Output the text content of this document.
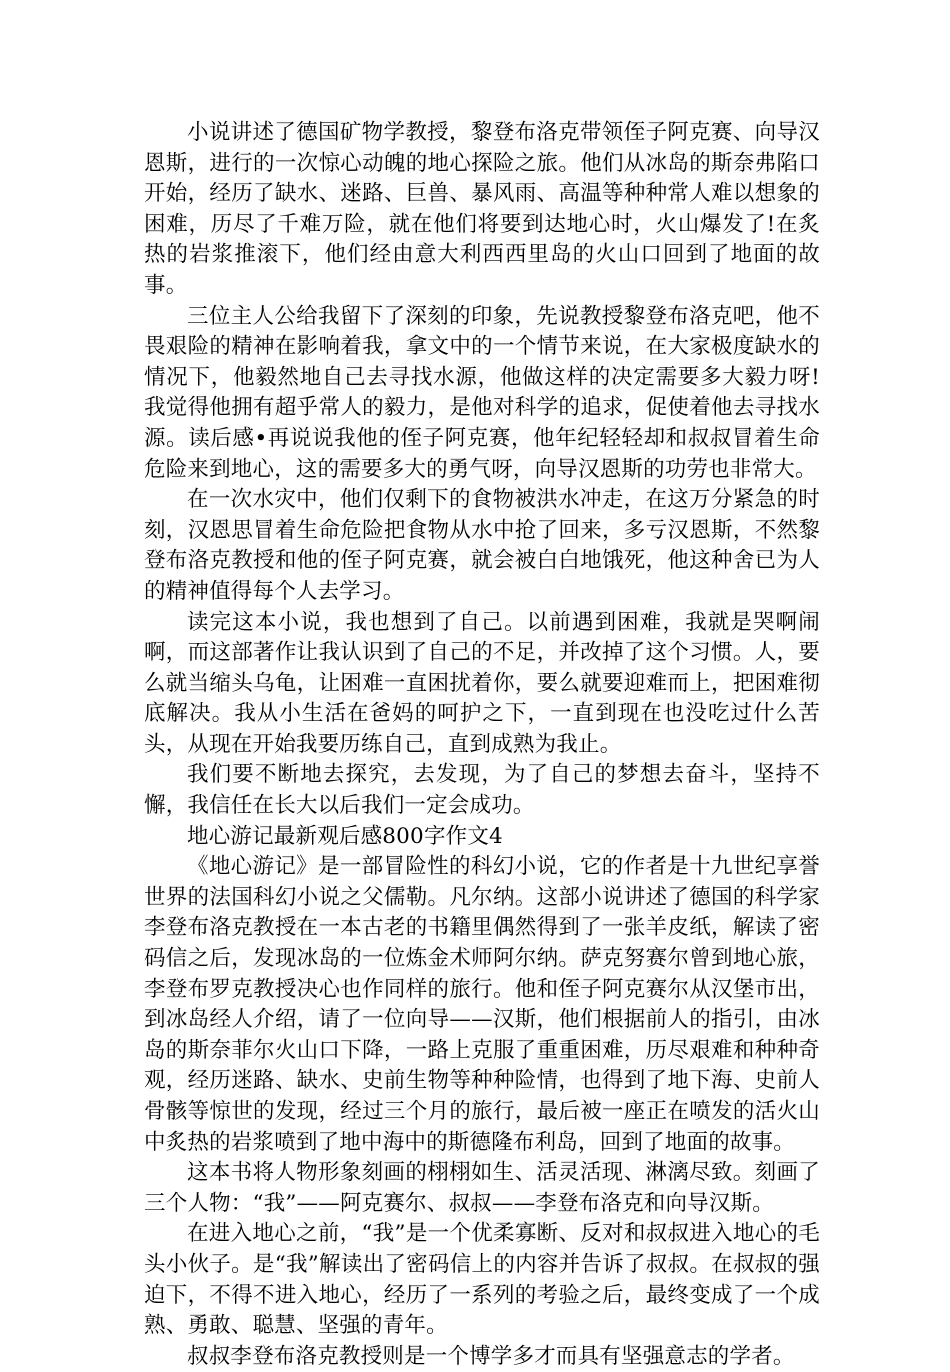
小说讲述了德国矿物学教授，黎登布洛克带领侄子阿克赛、向导汉恩斯，进行的一次惊心动魄的地心探险之旅。他们从冰岛的斯奈弗陷口开始，经历了缺水、迷路、巨兽、暴风雨、高温等种种常人难以想象的困难，历尽了千难万险，就在他们将要到达地心时，火山爆发了!在炙热的岩浆推滚下，他们经由意大利西西里岛的火山口回到了地面的故事。

三位主人公给我留下了深刻的印象，先说教授黎登布洛克吧，他不畏艰险的精神在影响着我，拿文中的一个情节来说，在大家极度缺水的情况下，他毅然地自己去寻找水源，他做这样的决定需要多大毅力呀!我觉得他拥有超乎常人的毅力，是他对科学的追求，促使着他去寻找水源。读后感•再说说我他的侄子阿克赛，他年纪轻轻却和叔叔冒着生命危险来到地心，这的需要多大的勇气呀，向导汉恩斯的功劳也非常大。

在一次水灾中，他们仅剩下的食物被洪水冲走，在这万分紧急的时刻，汉恩思冒着生命危险把食物从水中抢了回来，多亏汉恩斯，不然黎登布洛克教授和他的侄子阿克赛，就会被白白地饿死，他这种舍已为人的精神值得每个人去学习。

读完这本小说，我也想到了自己。以前遇到困难，我就是哭啊闹啊，而这部著作让我认识到了自己的不足，并改掉了这个习惯。人，要么就当缩头乌龟，让困难一直困扰着你，要么就要迎难而上，把困难彻底解决。我从小生活在爸妈的呵护之下，一直到现在也没吃过什么苦头，从现在开始我要历练自己，直到成熟为我止。

我们要不断地去探究，去发现，为了自己的梦想去奋斗，坚持不懈，我信任在长大以后我们一定会成功。

地心游记最新观后感800字作文4

《地心游记》是一部冒险性的科幻小说，它的作者是十九世纪享誉世界的法国科幻小说之父儒勒。凡尔纳。这部小说讲述了德国的科学家李登布洛克教授在一本古老的书籍里偶然得到了一张羊皮纸，解读了密码信之后，发现冰岛的一位炼金术师阿尔纳。萨克努赛尔曾到地心旅，李登布罗克教授决心也作同样的旅行。他和侄子阿克赛尔从汉堡市出，到冰岛经人介绍，请了一位向导——汉斯，他们根据前人的指引，由冰岛的斯奈菲尔火山口下降，一路上克服了重重困难，历尽艰难和种种奇观，经历迷路、缺水、史前生物等种种险情，也得到了地下海、史前人骨骸等惊世的发现，经过三个月的旅行，最后被一座正在喷发的活火山中炙热的岩浆喷到了地中海中的斯德隆布利岛，回到了地面的故事。

这本书将人物形象刻画的栩栩如生、活灵活现、淋漓尽致。刻画了三个人物：“我”——阿克赛尔、叔叔——李登布洛克和向导汉斯。

在进入地心之前，“我”是一个优柔寡断、反对和叔叔进入地心的毛头小伙子。是“我”解读出了密码信上的内容并告诉了叔叔。在叔叔的强迫下，不得不进入地心，经历了一系列的考验之后，最终变成了一个成熟、勇敢、聪慧、坚强的青年。

叔叔李登布洛克教授则是一个博学多才而具有坚强意志的学者。
